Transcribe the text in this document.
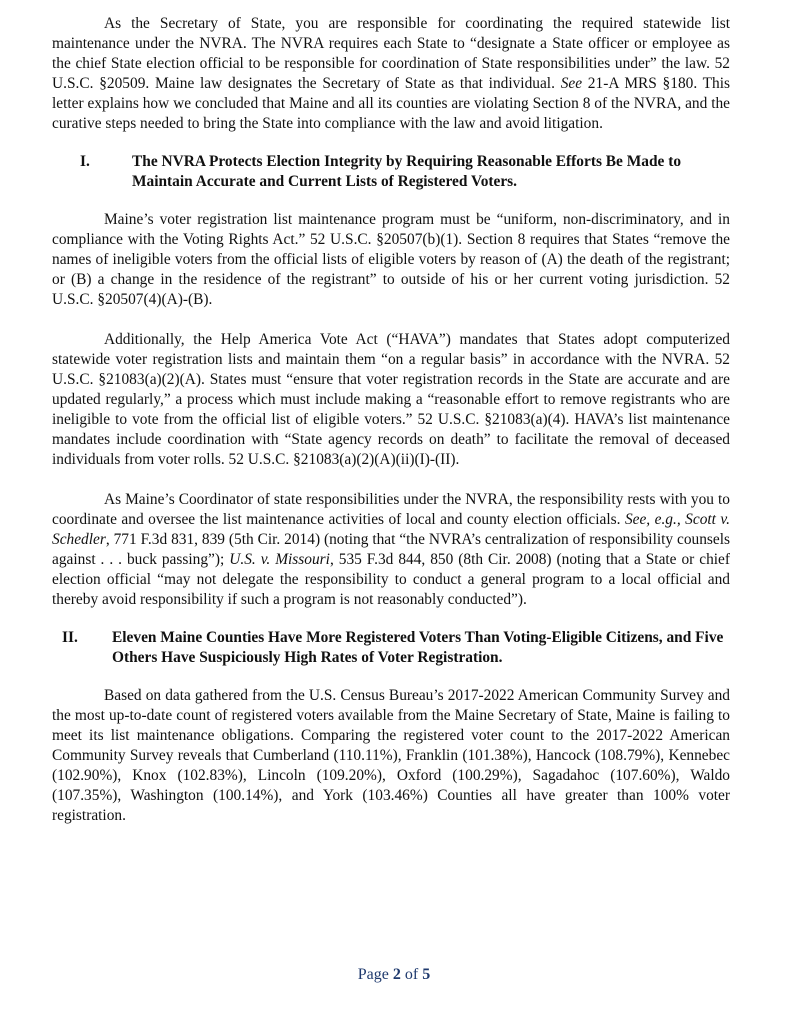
As the Secretary of State, you are responsible for coordinating the required statewide list maintenance under the NVRA. The NVRA requires each State to “designate a State officer or employee as the chief State election official to be responsible for coordination of State responsibilities under” the law. 52 U.S.C. §20509. Maine law designates the Secretary of State as that individual. See 21-A MRS §180. This letter explains how we concluded that Maine and all its counties are violating Section 8 of the NVRA, and the curative steps needed to bring the State into compliance with the law and avoid litigation.

I.	The NVRA Protects Election Integrity by Requiring Reasonable Efforts Be Made to Maintain Accurate and Current Lists of Registered Voters.

Maine’s voter registration list maintenance program must be “uniform, non-discriminatory, and in compliance with the Voting Rights Act.” 52 U.S.C. §20507(b)(1). Section 8 requires that States “remove the names of ineligible voters from the official lists of eligible voters by reason of (A) the death of the registrant; or (B) a change in the residence of the registrant” to outside of his or her current voting jurisdiction. 52 U.S.C. §20507(4)(A)-(B).

Additionally, the Help America Vote Act (“HAVA”) mandates that States adopt computerized statewide voter registration lists and maintain them “on a regular basis” in accordance with the NVRA. 52 U.S.C. §21083(a)(2)(A). States must “ensure that voter registration records in the State are accurate and are updated regularly,” a process which must include making a “reasonable effort to remove registrants who are ineligible to vote from the official list of eligible voters.” 52 U.S.C. §21083(a)(4). HAVA’s list maintenance mandates include coordination with “State agency records on death” to facilitate the removal of deceased individuals from voter rolls. 52 U.S.C. §21083(a)(2)(A)(ii)(I)-(II).

As Maine’s Coordinator of state responsibilities under the NVRA, the responsibility rests with you to coordinate and oversee the list maintenance activities of local and county election officials. See, e.g., Scott v. Schedler, 771 F.3d 831, 839 (5th Cir. 2014) (noting that “the NVRA’s centralization of responsibility counsels against . . . buck passing”); U.S. v. Missouri, 535 F.3d 844, 850 (8th Cir. 2008) (noting that a State or chief election official “may not delegate the responsibility to conduct a general program to a local official and thereby avoid responsibility if such a program is not reasonably conducted”).

II.	Eleven Maine Counties Have More Registered Voters Than Voting-Eligible Citizens, and Five Others Have Suspiciously High Rates of Voter Registration.

Based on data gathered from the U.S. Census Bureau’s 2017-2022 American Community Survey and the most up-to-date count of registered voters available from the Maine Secretary of State, Maine is failing to meet its list maintenance obligations. Comparing the registered voter count to the 2017-2022 American Community Survey reveals that Cumberland (110.11%), Franklin (101.38%), Hancock (108.79%), Kennebec (102.90%), Knox (102.83%), Lincoln (109.20%), Oxford (100.29%), Sagadahoc (107.60%), Waldo (107.35%), Washington (100.14%), and York (103.46%) Counties all have greater than 100% voter registration.

Page 2 of 5
